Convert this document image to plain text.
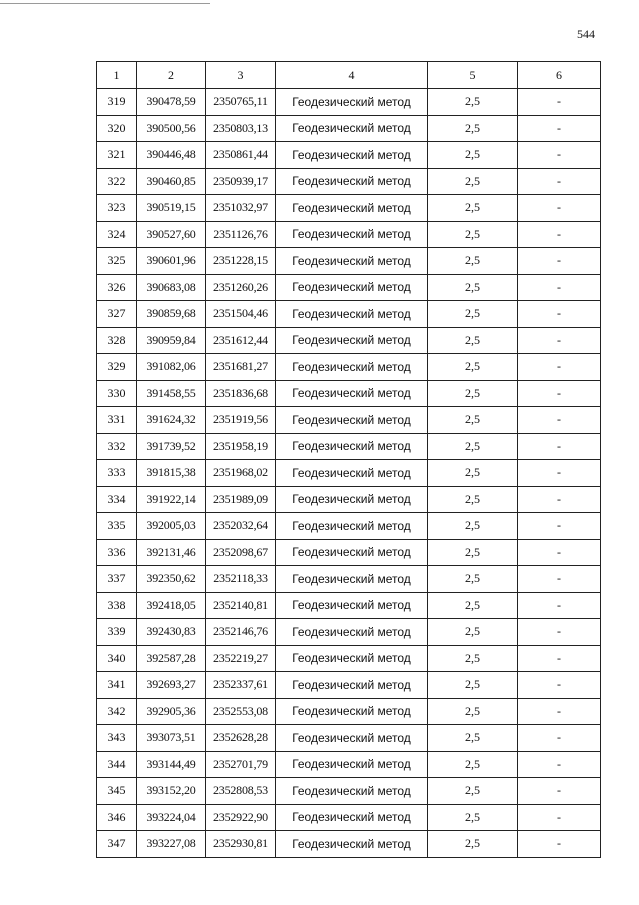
544
1	2	3	4	5	6
319	390478,59	2350765,11	Геодезический метод	2,5	-
320	390500,56	2350803,13	Геодезический метод	2,5	-
321	390446,48	2350861,44	Геодезический метод	2,5	-
322	390460,85	2350939,17	Геодезический метод	2,5	-
323	390519,15	2351032,97	Геодезический метод	2,5	-
324	390527,60	2351126,76	Геодезический метод	2,5	-
325	390601,96	2351228,15	Геодезический метод	2,5	-
326	390683,08	2351260,26	Геодезический метод	2,5	-
327	390859,68	2351504,46	Геодезический метод	2,5	-
328	390959,84	2351612,44	Геодезический метод	2,5	-
329	391082,06	2351681,27	Геодезический метод	2,5	-
330	391458,55	2351836,68	Геодезический метод	2,5	-
331	391624,32	2351919,56	Геодезический метод	2,5	-
332	391739,52	2351958,19	Геодезический метод	2,5	-
333	391815,38	2351968,02	Геодезический метод	2,5	-
334	391922,14	2351989,09	Геодезический метод	2,5	-
335	392005,03	2352032,64	Геодезический метод	2,5	-
336	392131,46	2352098,67	Геодезический метод	2,5	-
337	392350,62	2352118,33	Геодезический метод	2,5	-
338	392418,05	2352140,81	Геодезический метод	2,5	-
339	392430,83	2352146,76	Геодезический метод	2,5	-
340	392587,28	2352219,27	Геодезический метод	2,5	-
341	392693,27	2352337,61	Геодезический метод	2,5	-
342	392905,36	2352553,08	Геодезический метод	2,5	-
343	393073,51	2352628,28	Геодезический метод	2,5	-
344	393144,49	2352701,79	Геодезический метод	2,5	-
345	393152,20	2352808,53	Геодезический метод	2,5	-
346	393224,04	2352922,90	Геодезический метод	2,5	-
347	393227,08	2352930,81	Геодезический метод	2,5	-
